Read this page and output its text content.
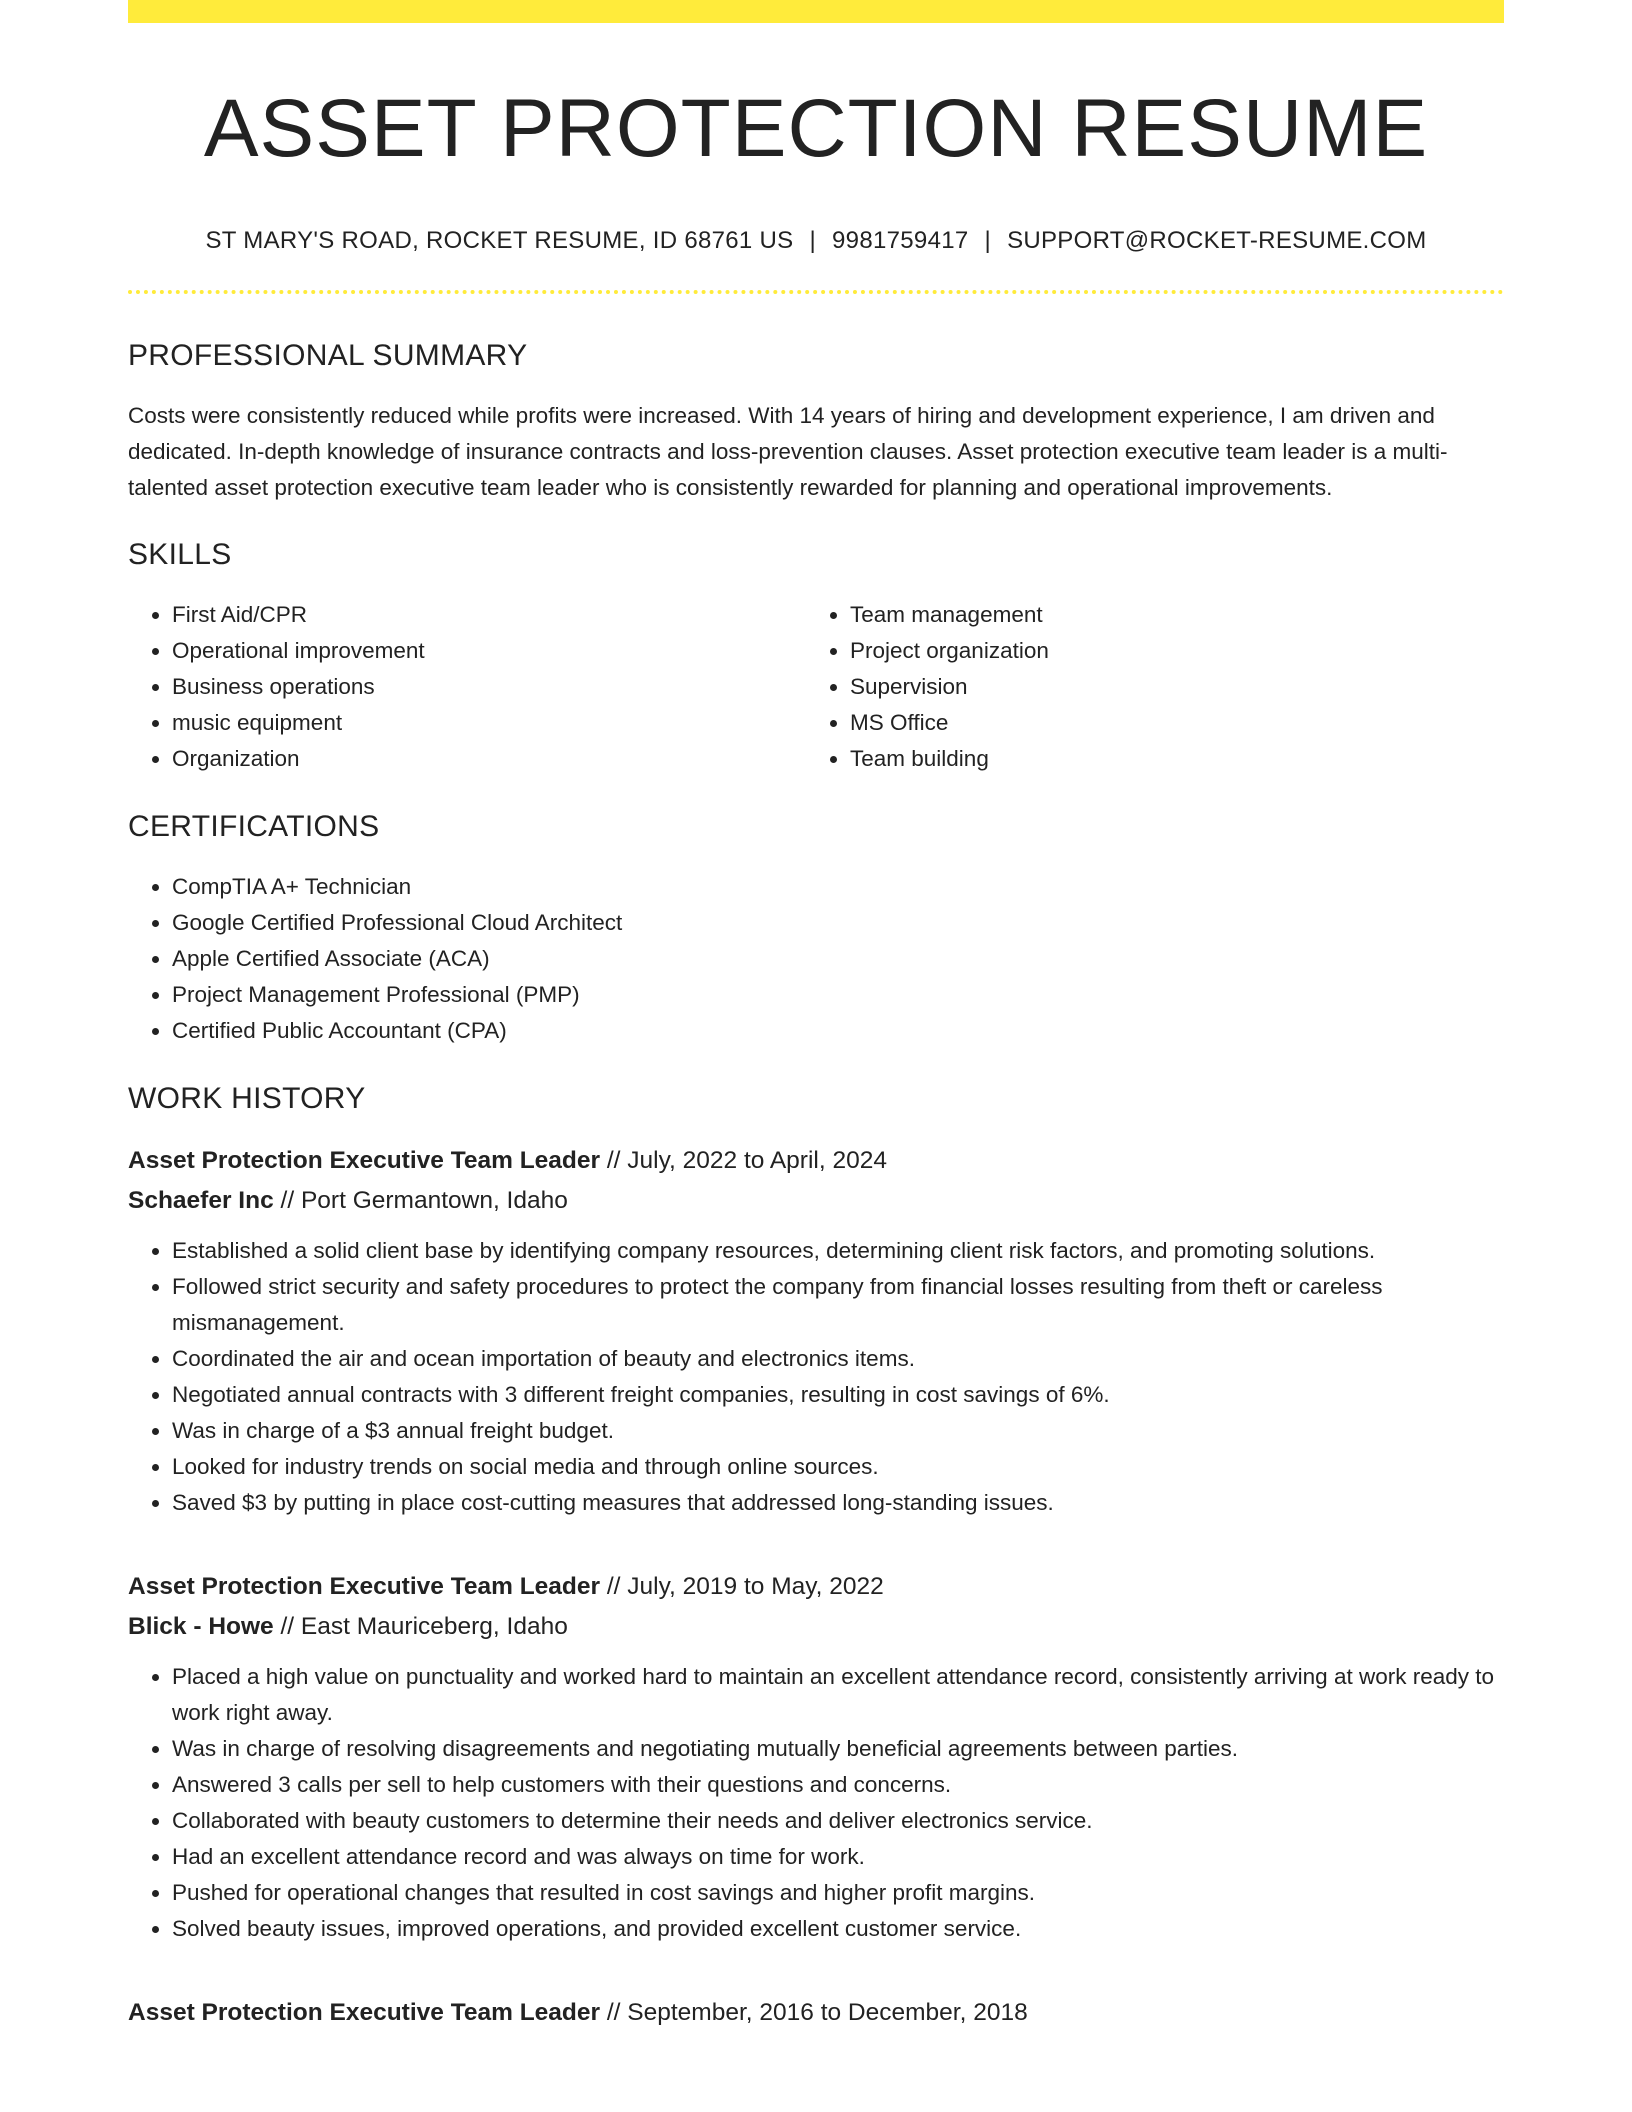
ASSET PROTECTION RESUME
ST MARY'S ROAD, ROCKET RESUME, ID 68761 US | 9981759417 | SUPPORT@ROCKET-RESUME.COM
PROFESSIONAL SUMMARY
Costs were consistently reduced while profits were increased. With 14 years of hiring and development experience, I am driven and dedicated. In-depth knowledge of insurance contracts and loss-prevention clauses. Asset protection executive team leader is a multi-talented asset protection executive team leader who is consistently rewarded for planning and operational improvements.
SKILLS
• First Aid/CPR
• Operational improvement
• Business operations
• music equipment
• Organization
• Team management
• Project organization
• Supervision
• MS Office
• Team building
CERTIFICATIONS
• CompTIA A+ Technician
• Google Certified Professional Cloud Architect
• Apple Certified Associate (ACA)
• Project Management Professional (PMP)
• Certified Public Accountant (CPA)
WORK HISTORY
Asset Protection Executive Team Leader // July, 2022 to April, 2024
Schaefer Inc // Port Germantown, Idaho
• Established a solid client base by identifying company resources, determining client risk factors, and promoting solutions.
• Followed strict security and safety procedures to protect the company from financial losses resulting from theft or careless mismanagement.
• Coordinated the air and ocean importation of beauty and electronics items.
• Negotiated annual contracts with 3 different freight companies, resulting in cost savings of 6%.
• Was in charge of a $3 annual freight budget.
• Looked for industry trends on social media and through online sources.
• Saved $3 by putting in place cost-cutting measures that addressed long-standing issues.
Asset Protection Executive Team Leader // July, 2019 to May, 2022
Blick - Howe // East Mauriceberg, Idaho
• Placed a high value on punctuality and worked hard to maintain an excellent attendance record, consistently arriving at work ready to work right away.
• Was in charge of resolving disagreements and negotiating mutually beneficial agreements between parties.
• Answered 3 calls per sell to help customers with their questions and concerns.
• Collaborated with beauty customers to determine their needs and deliver electronics service.
• Had an excellent attendance record and was always on time for work.
• Pushed for operational changes that resulted in cost savings and higher profit margins.
• Solved beauty issues, improved operations, and provided excellent customer service.
Asset Protection Executive Team Leader // September, 2016 to December, 2018
